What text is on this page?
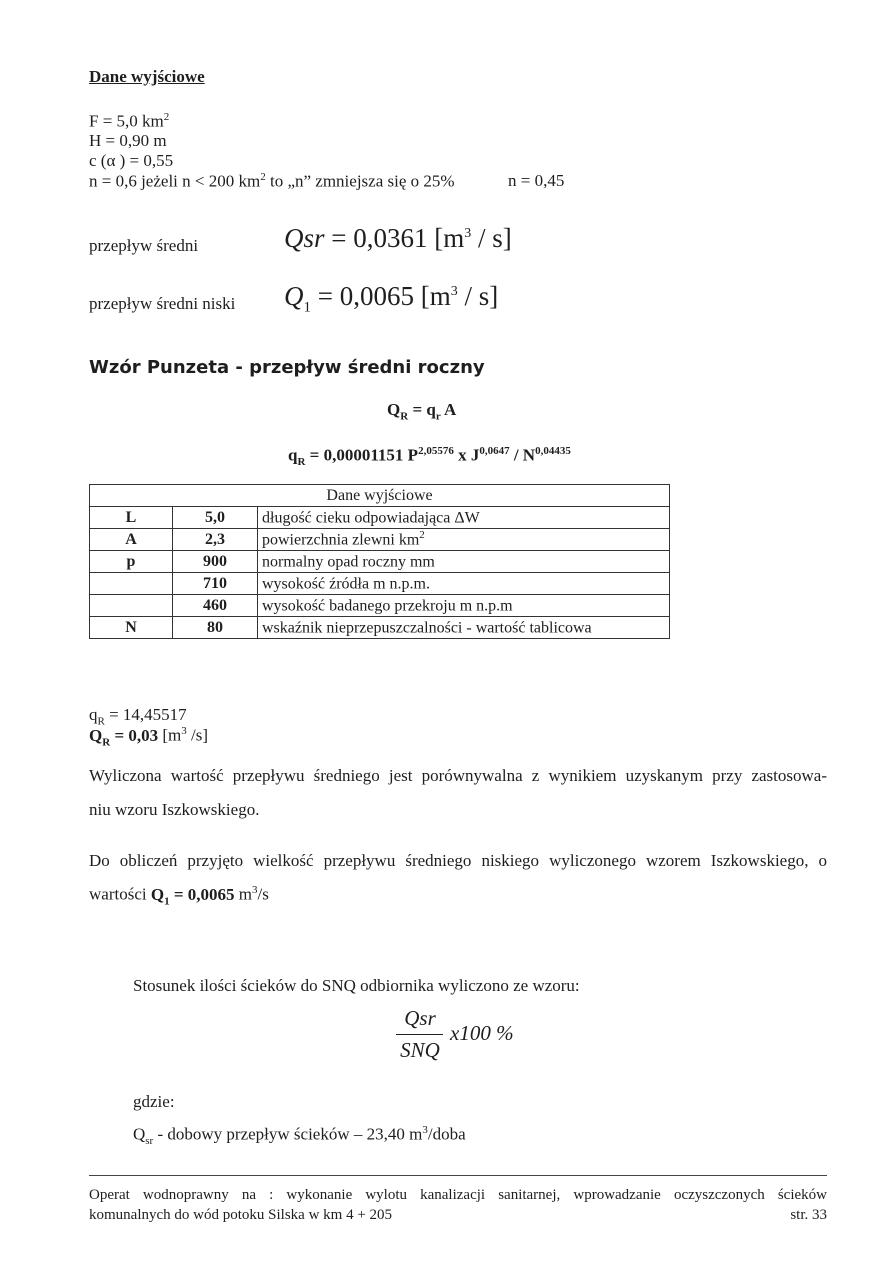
Dane wyjściowe
F = 5,0 $km^2$
H = 0,90 m
c (α ) = 0,55
n = 0,6 jeżeli n < 200 $km^2$ to „n” zmniejsza się o 25%	n = 0,45
przepływ średni	Qsr = 0,0361 $[m^3 / s]$
przepływ średni niski $Q_1 = 0,0065$ $[m^3 / s]$
Wzór Punzeta - przepływ średni roczny
$Q_R = q_r$ A
$q_R = 0,00001151$ $P^{2,05576}$ x $J^{0,0647} / N^{0,04435}$
Dane wyjściowe		
L	5,0	długość cieku odpowiadająca ΔW
A	2,3	powierzchnia zlewni $km^2$
p	900	normalny opad roczny mm
	710	wysokość źródła m n.p.m.
	460	wysokość badanego przekroju m n.p.m
N	80	wskaźnik nieprzepuszczalności - wartość tablicowa
$q_R = 14,45517$
$Q_R = 0,03$ [$m^3$ /s]
Wyliczona wartość przepływu średniego jest porównywalna z wynikiem uzyskanym przy zastosowa-
niu wzoru Iszkowskiego.
Do obliczeń przyjęto wielkość przepływu średniego niskiego wyliczonego wzorem Iszkowskiego, o
wartości $Q_1 = 0,0065$ $m^3/s$
Stosunek ilości ścieków do SNQ odbiornika wyliczono ze wzoru:
Qsr
SNQ
x100 %
gdzie:
$Q_{sr}$ - dobowy przepływ ścieków – 23,40 $m^3$/doba
Operat wodnoprawny na : wykonanie wylotu kanalizacji sanitarnej, wprowadzanie oczyszczonych ścieków
komunalnych do wód potoku Silska w km 4 + 205	str. 33
